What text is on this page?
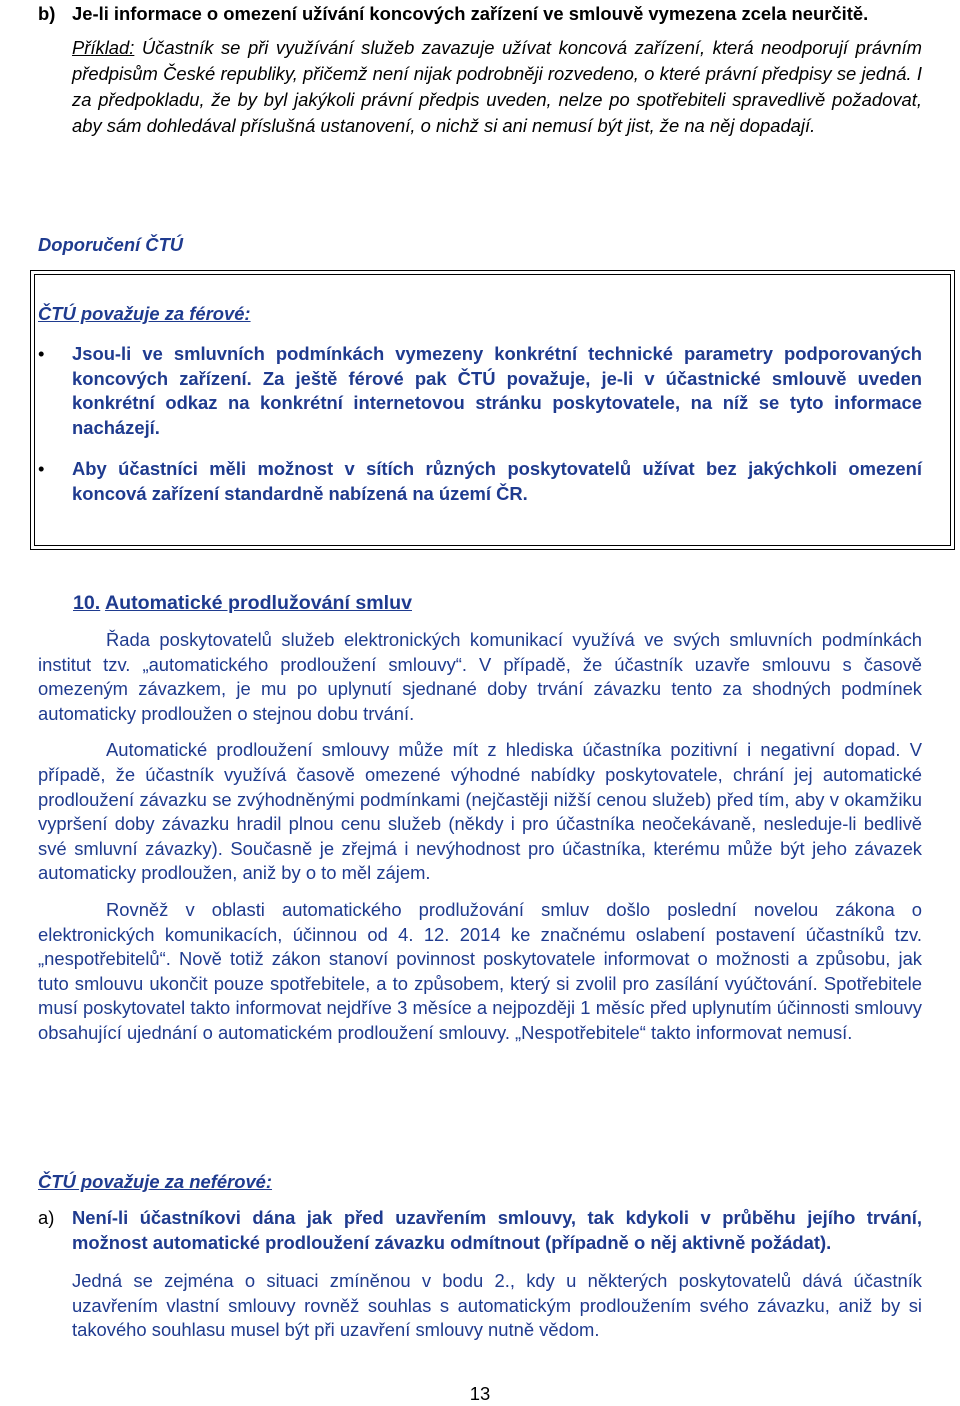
b) Je-li informace o omezení užívání koncových zařízení ve smlouvě vymezena zcela neurčitě.

Příklad: Účastník se při využívání služeb zavazuje užívat koncová zařízení, která neodporují právním předpisům České republiky, přičemž není nijak podrobněji rozvedeno, o které právní předpisy se jedná. I za předpokladu, že by byl jakýkoli právní předpis uveden, nelze po spotřebiteli spravedlivě požadovat, aby sám dohledával příslušná ustanovení, o nichž si ani nemusí být jist, že na něj dopadají.

Doporučení ČTÚ

ČTÚ považuje za férové:

• Jsou-li ve smluvních podmínkách vymezeny konkrétní technické parametry podporovaných koncových zařízení. Za ještě férové pak ČTÚ považuje, je-li v účastnické smlouvě uveden konkrétní odkaz na konkrétní internetovou stránku poskytovatele, na níž se tyto informace nacházejí.

• Aby účastníci měli možnost v sítích různých poskytovatelů užívat bez jakýchkoli omezení koncová zařízení standardně nabízená na území ČR.

10. Automatické prodlužování smluv

Řada poskytovatelů služeb elektronických komunikací využívá ve svých smluvních podmínkách institut tzv. „automatického prodloužení smlouvy“. V případě, že účastník uzavře smlouvu s časově omezeným závazkem, je mu po uplynutí sjednané doby trvání závazku tento za shodných podmínek automaticky prodloužen o stejnou dobu trvání.

Automatické prodloužení smlouvy může mít z hlediska účastníka pozitivní i negativní dopad. V případě, že účastník využívá časově omezené výhodné nabídky poskytovatele, chrání jej automatické prodloužení závazku se zvýhodněnými podmínkami (nejčastěji nižší cenou služeb) před tím, aby v okamžiku vypršení doby závazku hradil plnou cenu služeb (někdy i pro účastníka neočekávaně, nesleduje-li bedlivě své smluvní závazky). Současně je zřejmá i nevýhodnost pro účastníka, kterému může být jeho závazek automaticky prodloužen, aniž by o to měl zájem.

Rovněž v oblasti automatického prodlužování smluv došlo poslední novelou zákona o elektronických komunikacích, účinnou od 4. 12. 2014 ke značnému oslabení postavení účastníků tzv. „nespotřebitelů“. Nově totiž zákon stanoví povinnost poskytovatele informovat o možnosti a způsobu, jak tuto smlouvu ukončit pouze spotřebitele, a to způsobem, který si zvolil pro zasílání vyúčtování. Spotřebitele musí poskytovatel takto informovat nejdříve 3 měsíce a nejpozději 1 měsíc před uplynutím účinnosti smlouvy obsahující ujednání o automatickém prodloužení smlouvy. „Nespotřebitele“ takto informovat nemusí.

ČTÚ považuje za neférové:

a) Není-li účastníkovi dána jak před uzavřením smlouvy, tak kdykoli v průběhu jejího trvání, možnost automatické prodloužení závazku odmítnout (případně o něj aktivně požádat).

Jedná se zejména o situaci zmíněnou v bodu 2., kdy u některých poskytovatelů dává účastník uzavřením vlastní smlouvy rovněž souhlas s automatickým prodloužením svého závazku, aniž by si takového souhlasu musel být při uzavření smlouvy nutně vědom.

13
